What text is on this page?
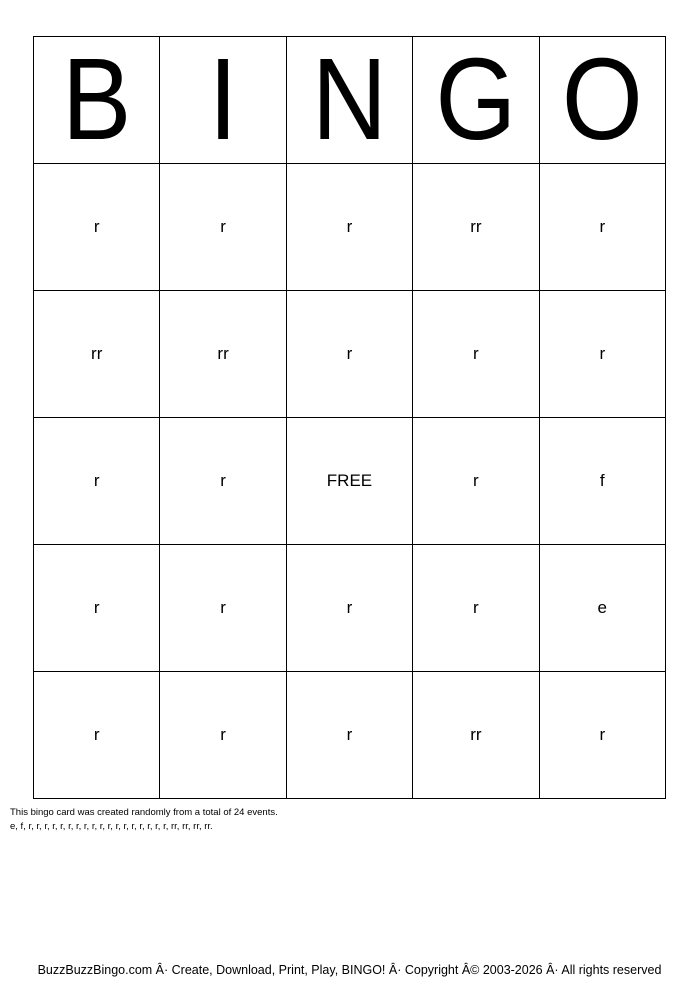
B	I	N	G	O
r	r	r	rr	r
rr	rr	r	r	r
r	r	FREE	r	f
r	r	r	r	e
r	r	r	rr	r
This bingo card was created randomly from a total of 24 events.
e, f, r, r, r, r, r, r, r, r, r, r, r, r, r, r, r, r, r, r, rr, rr, rr, rr.
BuzzBuzzBingo.com Â· Create, Download, Print, Play, BINGO! Â· Copyright Â© 2003-2026 Â· All rights reserved
